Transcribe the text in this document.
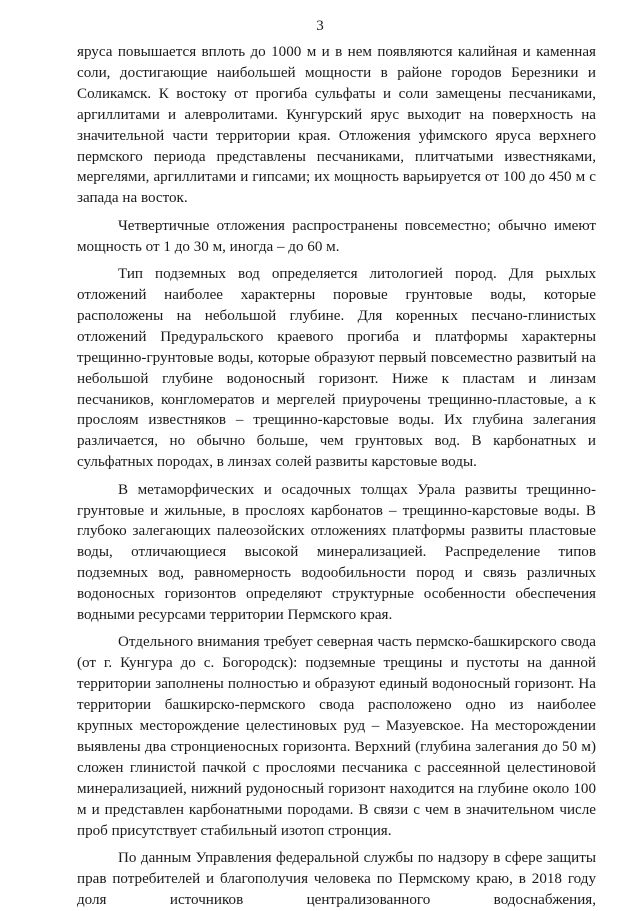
3

яруса повышается вплоть до 1000 м и в нем появляются калийная и каменная соли, достигающие наибольшей мощности в районе городов Березники и Соликамск. К востоку от прогиба сульфаты и соли замещены песчаниками, аргиллитами и алевролитами. Кунгурский ярус выходит на поверхность на значительной части территории края. Отложения уфимского яруса верхнего пермского периода представлены песчаниками, плитчатыми известняками, мергелями, аргиллитами и гипсами; их мощность варьируется от 100 до 450 м с запада на восток.

Четвертичные отложения распространены повсеместно; обычно имеют мощность от 1 до 30 м, иногда – до 60 м.

Тип подземных вод определяется литологией пород. Для рыхлых отложений наиболее характерны поровые грунтовые воды, которые расположены на небольшой глубине. Для коренных песчано-глинистых отложений Предуральского краевого прогиба и платформы характерны трещинно-грунтовые воды, которые образуют первый повсеместно развитый на небольшой глубине водоносный горизонт. Ниже к пластам и линзам песчаников, конгломератов и мергелей приурочены трещинно-пластовые, а к прослоям известняков – трещинно-карстовые воды. Их глубина залегания различается, но обычно больше, чем грунтовых вод. В карбонатных и сульфатных породах, в линзах солей развиты карстовые воды.

В метаморфических и осадочных толщах Урала развиты трещинно-грунтовые и жильные, в прослоях карбонатов – трещинно-карстовые воды. В глубоко залегающих палеозойских отложениях платформы развиты пластовые воды, отличающиеся высокой минерализацией. Распределение типов подземных вод, равномерность водообильности пород и связь различных водоносных горизонтов определяют структурные особенности обеспечения водными ресурсами территории Пермского края.

Отдельного внимания требует северная часть пермско-башкирского свода (от г. Кунгура до с. Богородск): подземные трещины и пустоты на данной территории заполнены полностью и образуют единый водоносный горизонт. На территории башкирско-пермского свода расположено одно из наиболее крупных месторождение целестиновых руд – Мазуевское. На месторождении выявлены два стронциеносных горизонта. Верхний (глубина залегания до 50 м) сложен глинистой пачкой с прослоями песчаника с рассеянной целестиновой минерализацией, нижний рудоносный горизонт находится на глубине около 100 м и представлен карбонатными породами. В связи с чем в значительном числе проб присутствует стабильный изотоп стронция.

По данным Управления федеральной службы по надзору в сфере защиты прав потребителей и благополучия человека по Пермскому краю, в 2018 году доля источников централизованного водоснабжения,
